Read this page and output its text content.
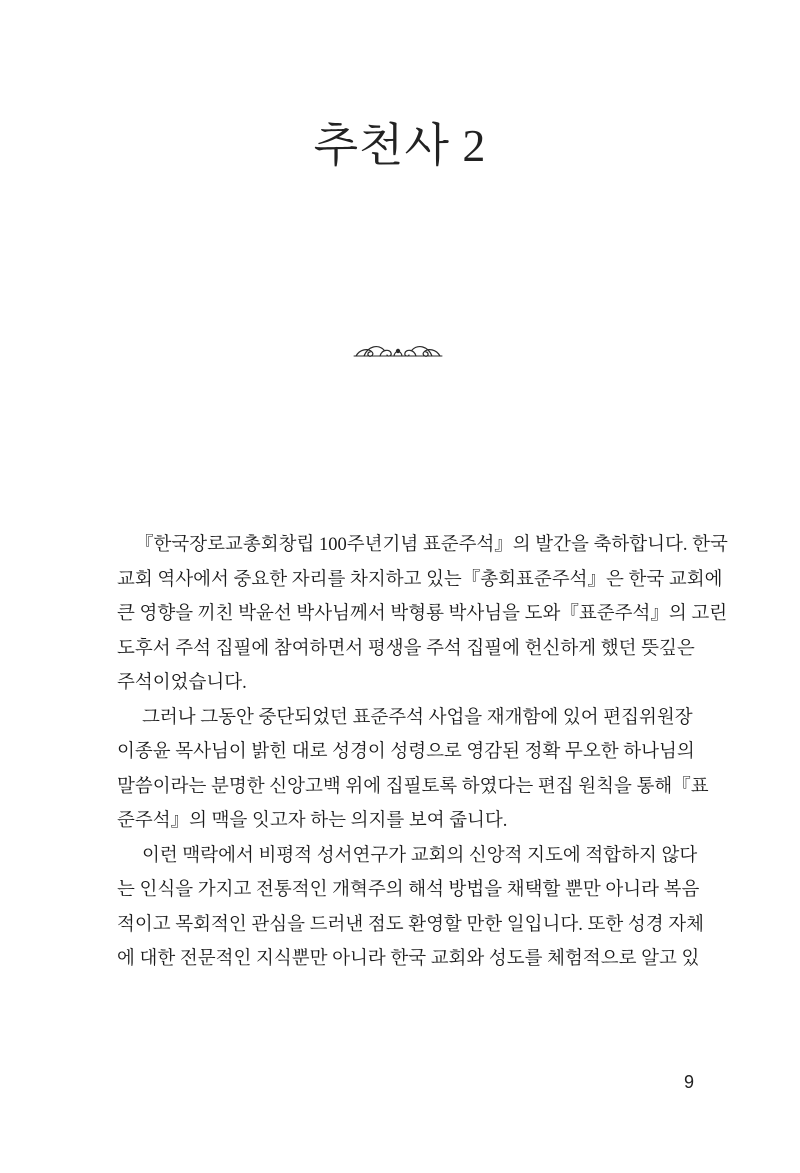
추천사 2

『한국장로교총회창립 100주년기념 표준주석』의 발간을 축하합니다. 한국
교회 역사에서 중요한 자리를 차지하고 있는『총회표준주석』은 한국 교회에
큰 영향을 끼친 박윤선 박사님께서 박형룡 박사님을 도와『표준주석』의 고린
도후서 주석 집필에 참여하면서 평생을 주석 집필에 헌신하게 했던 뜻깊은
주석이었습니다.

그러나 그동안 중단되었던 표준주석 사업을 재개함에 있어 편집위원장
이종윤 목사님이 밝힌 대로 성경이 성령으로 영감된 정확 무오한 하나님의
말씀이라는 분명한 신앙고백 위에 집필토록 하였다는 편집 원칙을 통해『표
준주석』의 맥을 잇고자 하는 의지를 보여 줍니다.

이런 맥락에서 비평적 성서연구가 교회의 신앙적 지도에 적합하지 않다
는 인식을 가지고 전통적인 개혁주의 해석 방법을 채택할 뿐만 아니라 복음
적이고 목회적인 관심을 드러낸 점도 환영할 만한 일입니다. 또한 성경 자체
에 대한 전문적인 지식뿐만 아니라 한국 교회와 성도를 체험적으로 알고 있

9
